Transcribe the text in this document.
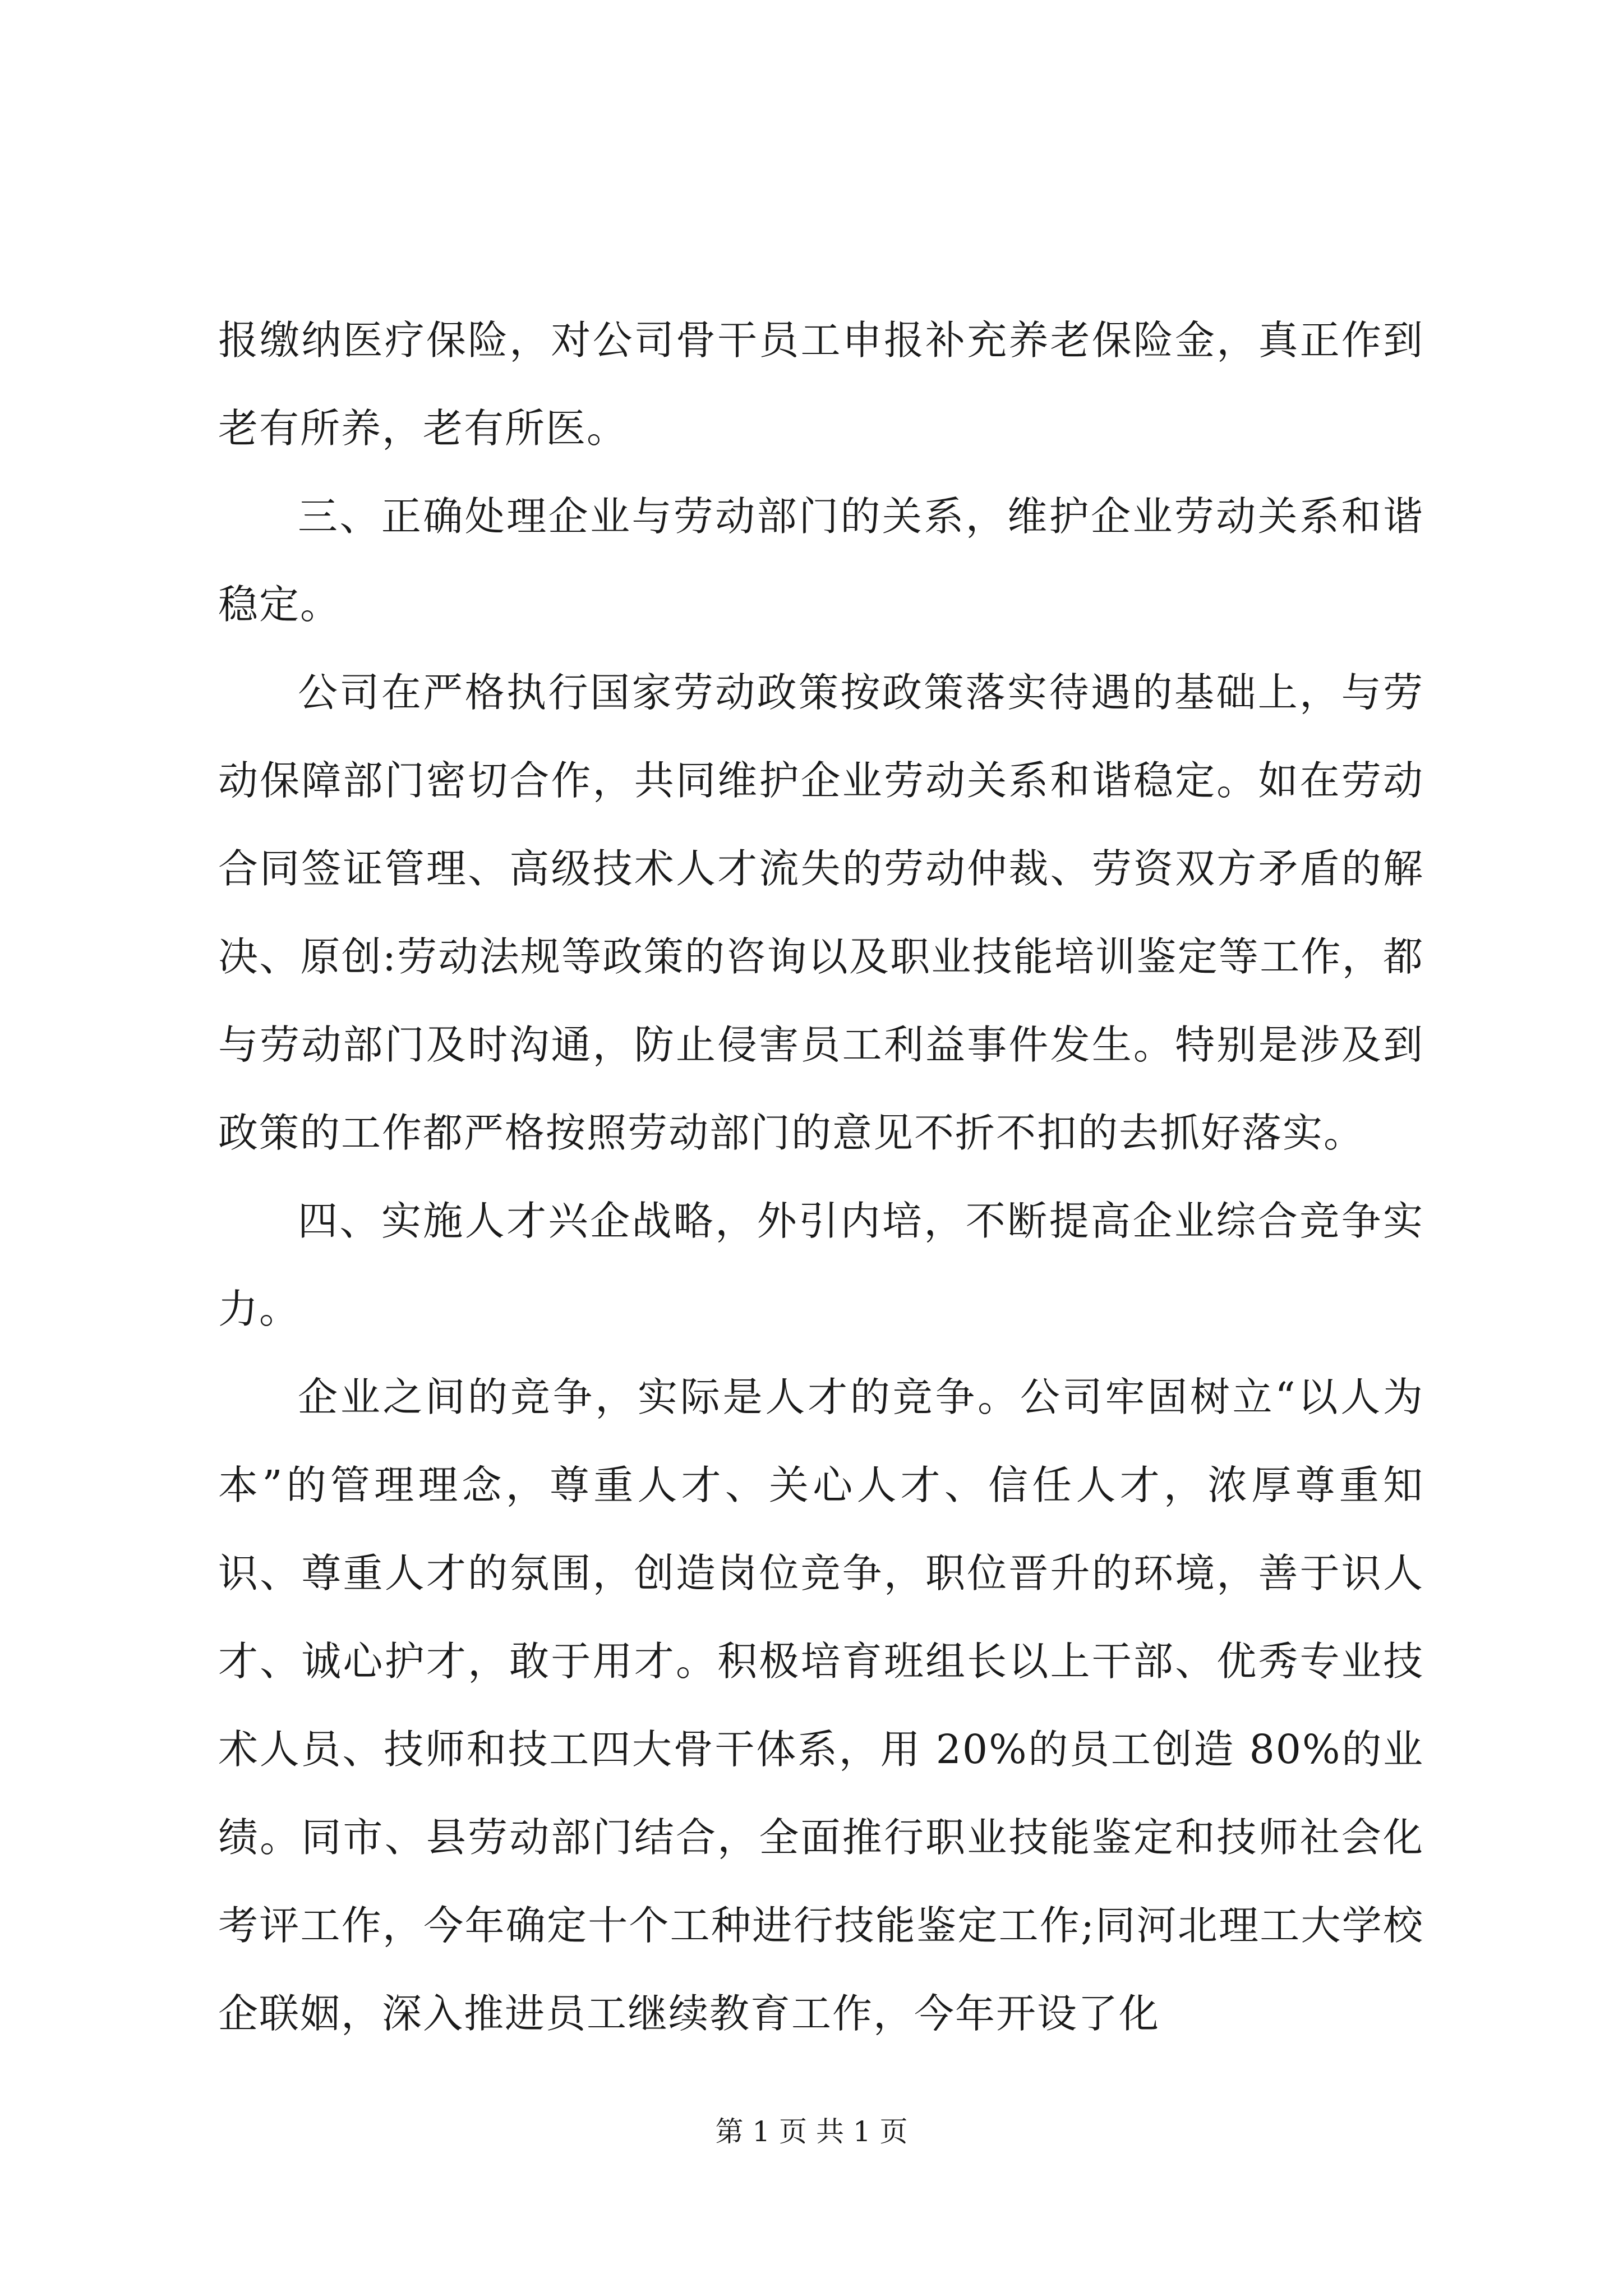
报缴纳医疗保险，对公司骨干员工申报补充养老保险金，真正作到老有所养，老有所医。

三、正确处理企业与劳动部门的关系，维护企业劳动关系和谐稳定。

公司在严格执行国家劳动政策按政策落实待遇的基础上，与劳动保障部门密切合作，共同维护企业劳动关系和谐稳定。如在劳动合同签证管理、高级技术人才流失的劳动仲裁、劳资双方矛盾的解决、原创:劳动法规等政策的咨询以及职业技能培训鉴定等工作，都与劳动部门及时沟通，防止侵害员工利益事件发生。特别是涉及到政策的工作都严格按照劳动部门的意见不折不扣的去抓好落实。

四、实施人才兴企战略，外引内培，不断提高企业综合竞争实力。

企业之间的竞争，实际是人才的竞争。公司牢固树立“以人为本”的管理理念，尊重人才、关心人才、信任人才，浓厚尊重知识、尊重人才的氛围，创造岗位竞争，职位晋升的环境，善于识人才、诚心护才，敢于用才。积极培育班组长以上干部、优秀专业技术人员、技师和技工四大骨干体系，用 20%的员工创造 80%的业绩。同市、县劳动部门结合，全面推行职业技能鉴定和技师社会化考评工作，今年确定十个工种进行技能鉴定工作;同河北理工大学校企联姻，深入推进员工继续教育工作，今年开设了化

第 1 页 共 1 页
